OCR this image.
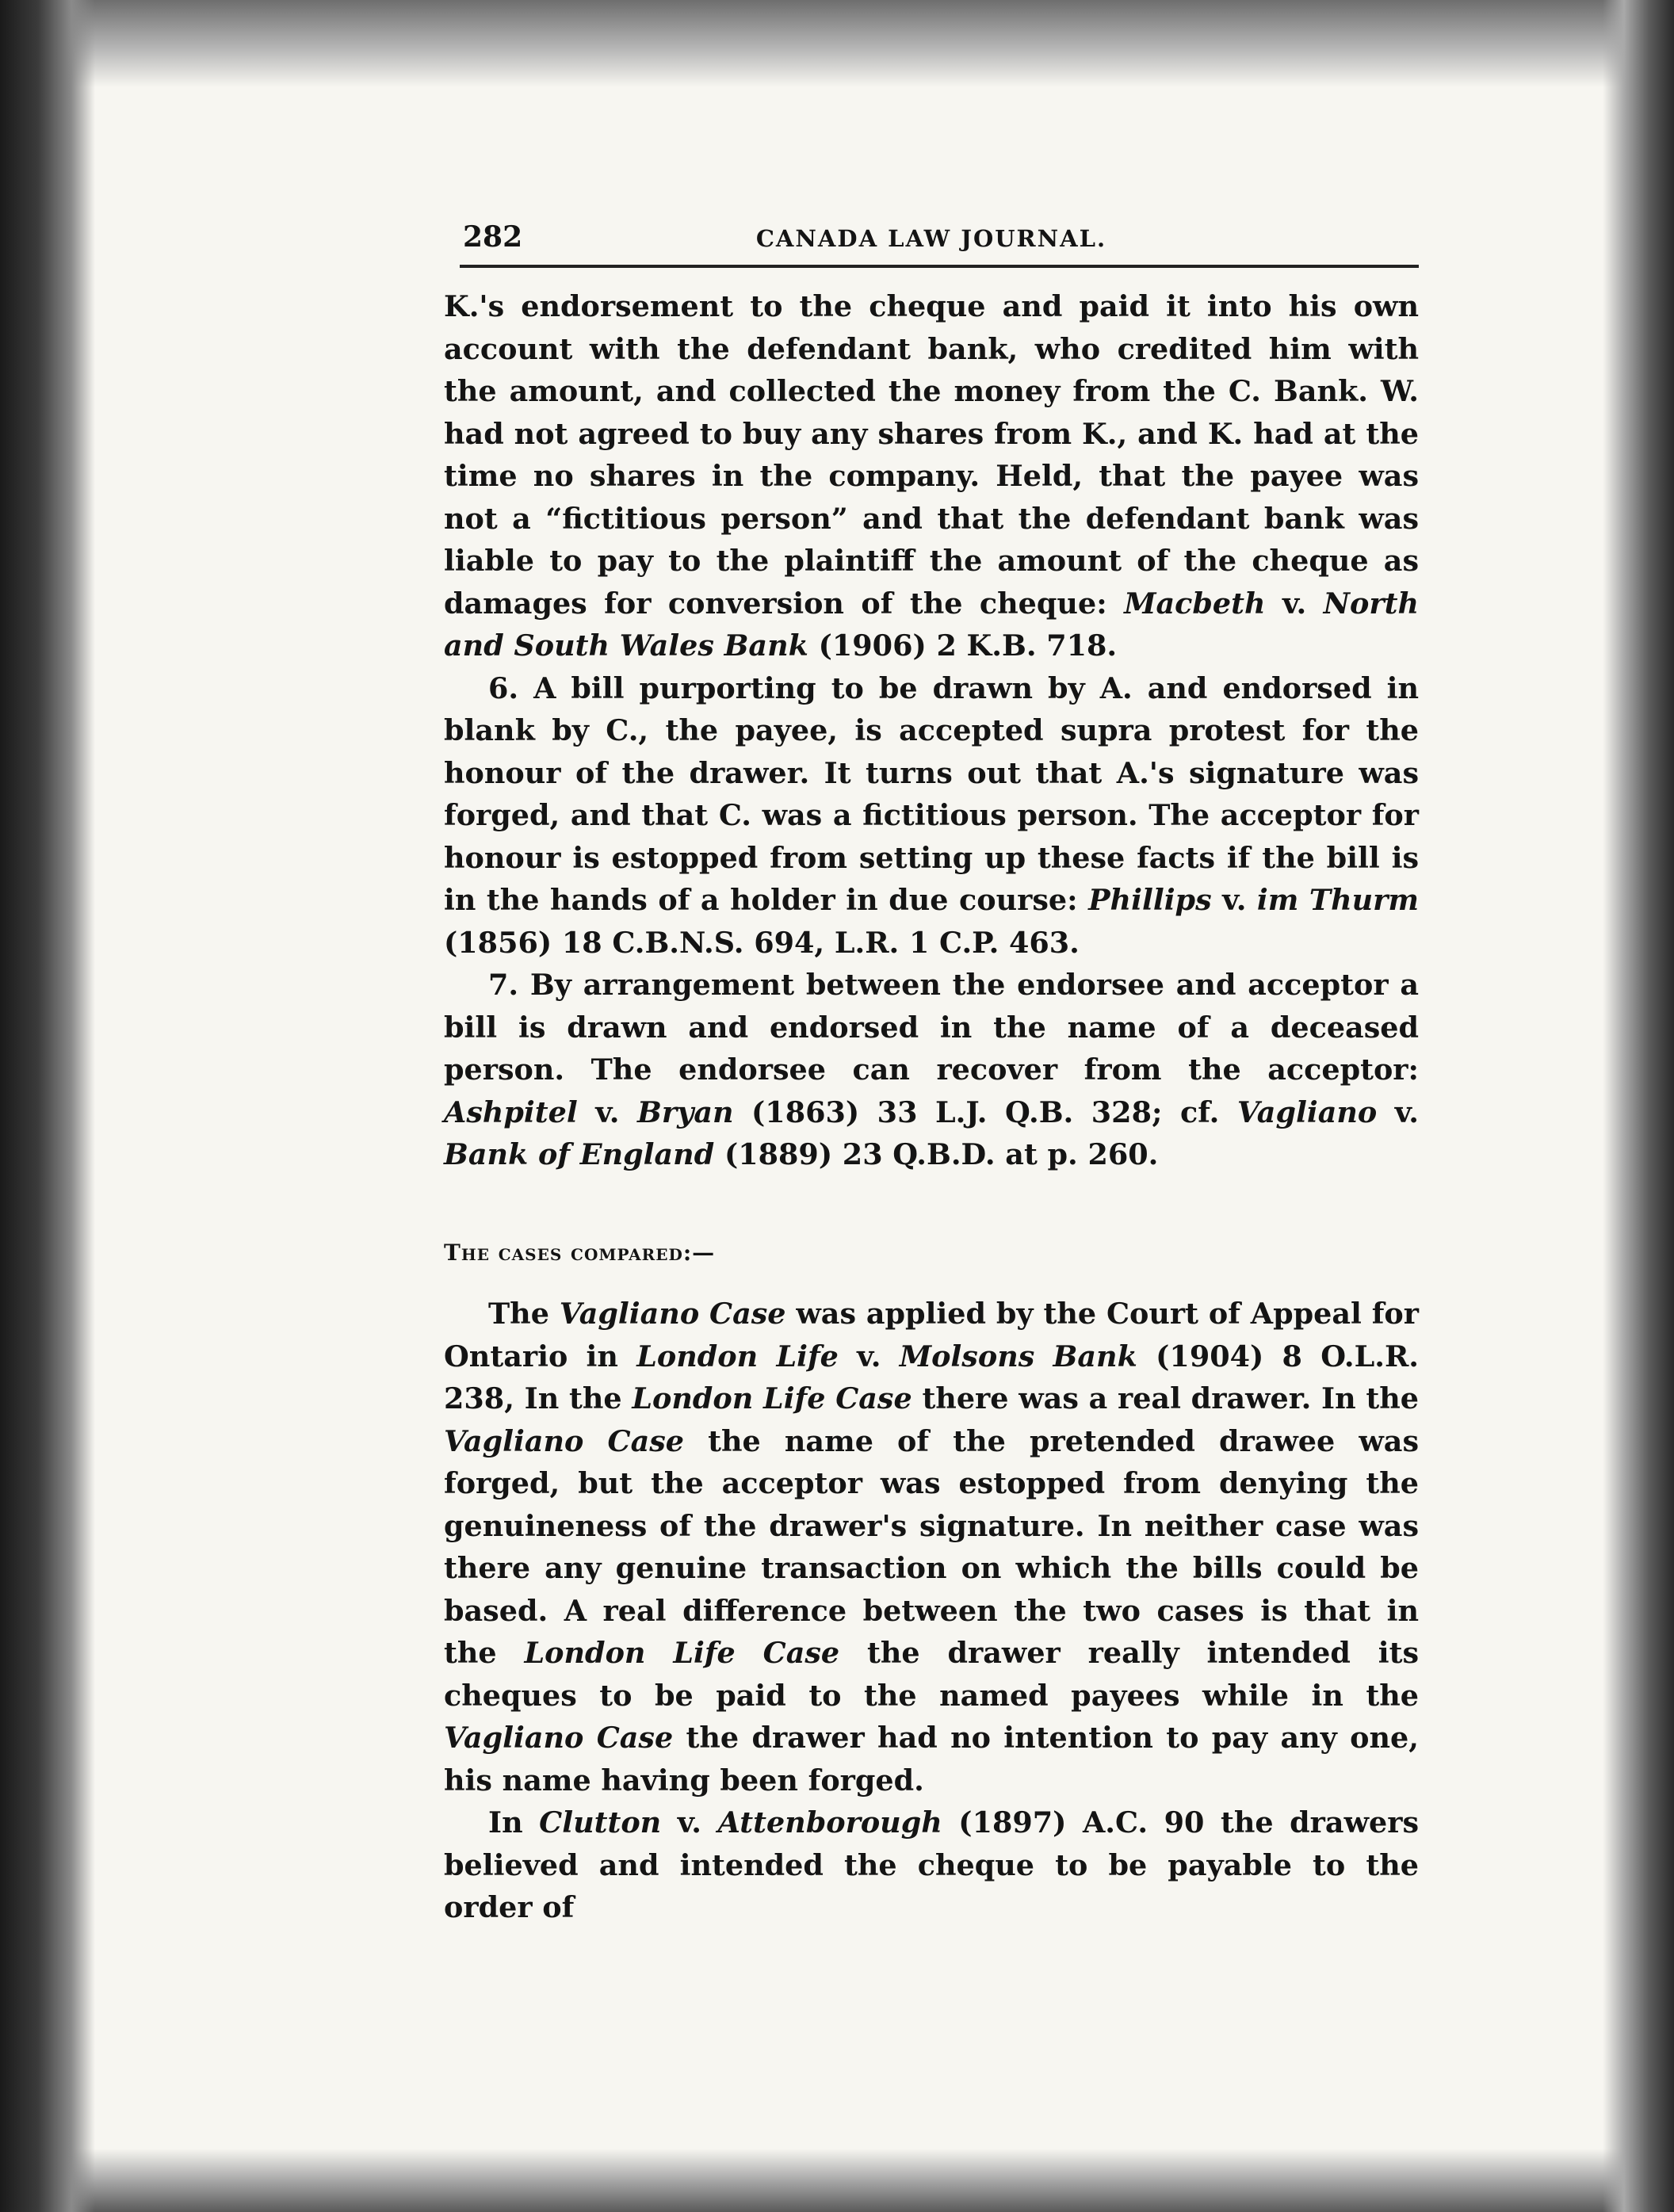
282	CANADA LAW JOURNAL.

K.'s endorsement to the cheque and paid it into his own account with the defendant bank, who credited him with the amount, and collected the money from the C. Bank. W. had not agreed to buy any shares from K., and K. had at the time no shares in the company. Held, that the payee was not a “fictitious person” and that the defendant bank was liable to pay to the plaintiff the amount of the cheque as damages for conversion of the cheque: Macbeth v. North and South Wales Bank (1906) 2 K.B. 718.

6. A bill purporting to be drawn by A. and endorsed in blank by C., the payee, is accepted supra protest for the honour of the drawer. It turns out that A.'s signature was forged, and that C. was a fictitious person. The acceptor for honour is estopped from setting up these facts if the bill is in the hands of a holder in due course: Phillips v. im Thurm (1856) 18 C.B.N.S. 694, L.R. 1 C.P. 463.

7. By arrangement between the endorsee and acceptor a bill is drawn and endorsed in the name of a deceased person. The endorsee can recover from the acceptor: Ashpitel v. Bryan (1863) 33 L.J. Q.B. 328; cf. Vagliano v. Bank of England (1889) 23 Q.B.D. at p. 260.

The cases compared:—

The Vagliano Case was applied by the Court of Appeal for Ontario in London Life v. Molsons Bank (1904) 8 O.L.R. 238, In the London Life Case there was a real drawer. In the Vagliano Case the name of the pretended drawee was forged, but the acceptor was estopped from denying the genuineness of the drawer's signature. In neither case was there any genuine transaction on which the bills could be based. A real difference between the two cases is that in the London Life Case the drawer really intended its cheques to be paid to the named payees while in the Vagliano Case the drawer had no intention to pay any one, his name having been forged.

In Clutton v. Attenborough (1897) A.C. 90 the drawers believed and intended the cheque to be payable to the order of
